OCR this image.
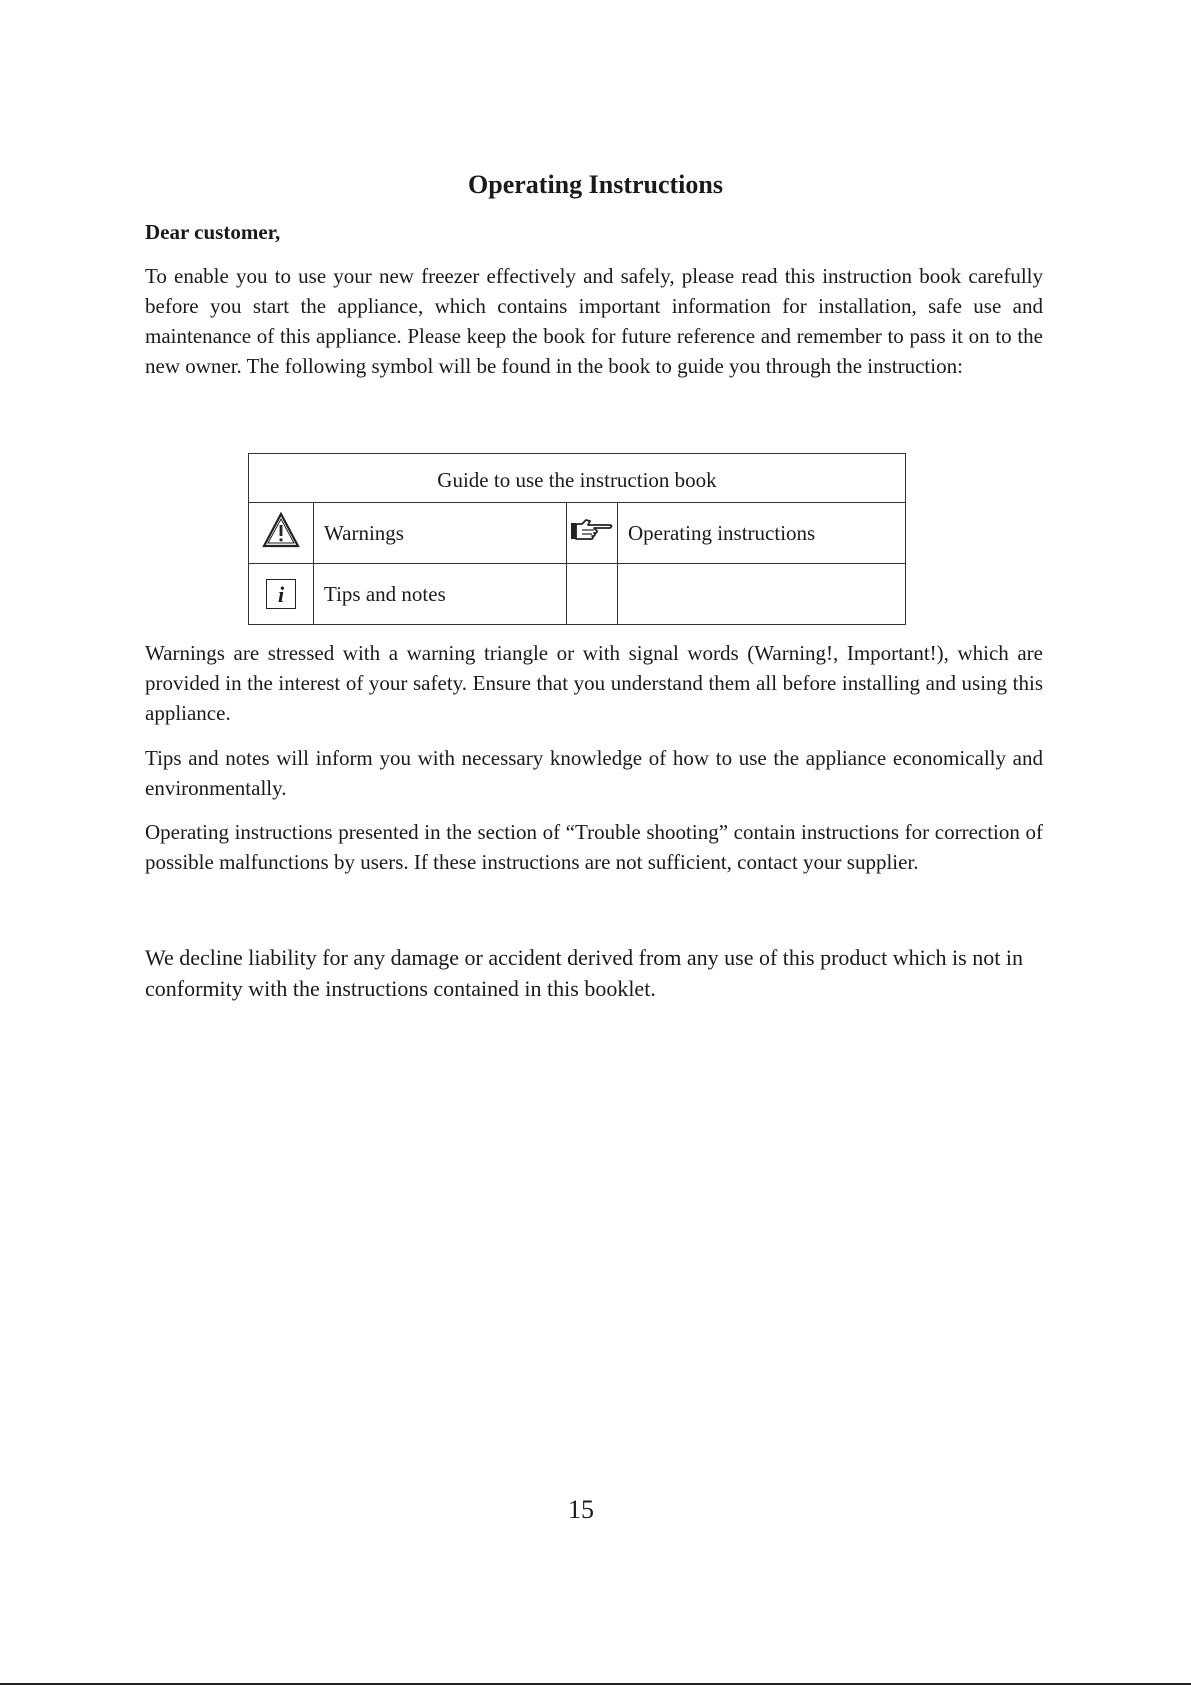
Operating Instructions
Dear customer,

To enable you to use your new freezer effectively and safely, please read this instruction book carefully before you start the appliance, which contains important information for installation, safe use and maintenance of this appliance. Please keep the book for future reference and remember to pass it on to the new owner. The following symbol will be found in the book to guide you through the instruction:

Guide to use the instruction book			
	Warnings		Operating instructions
i	Tips and notes		

Warnings are stressed with a warning triangle or with signal words (Warning!, Important!), which are provided in the interest of your safety. Ensure that you understand them all before installing and using this appliance.

Tips and notes will inform you with necessary knowledge of how to use the appliance economically and environmentally.

Operating instructions presented in the section of “Trouble shooting” contain instructions for correction of possible malfunctions by users. If these instructions are not sufficient, contact your supplier.

We decline liability for any damage or accident derived from any use of this product which is not in conformity with the instructions contained in this booklet.

15
